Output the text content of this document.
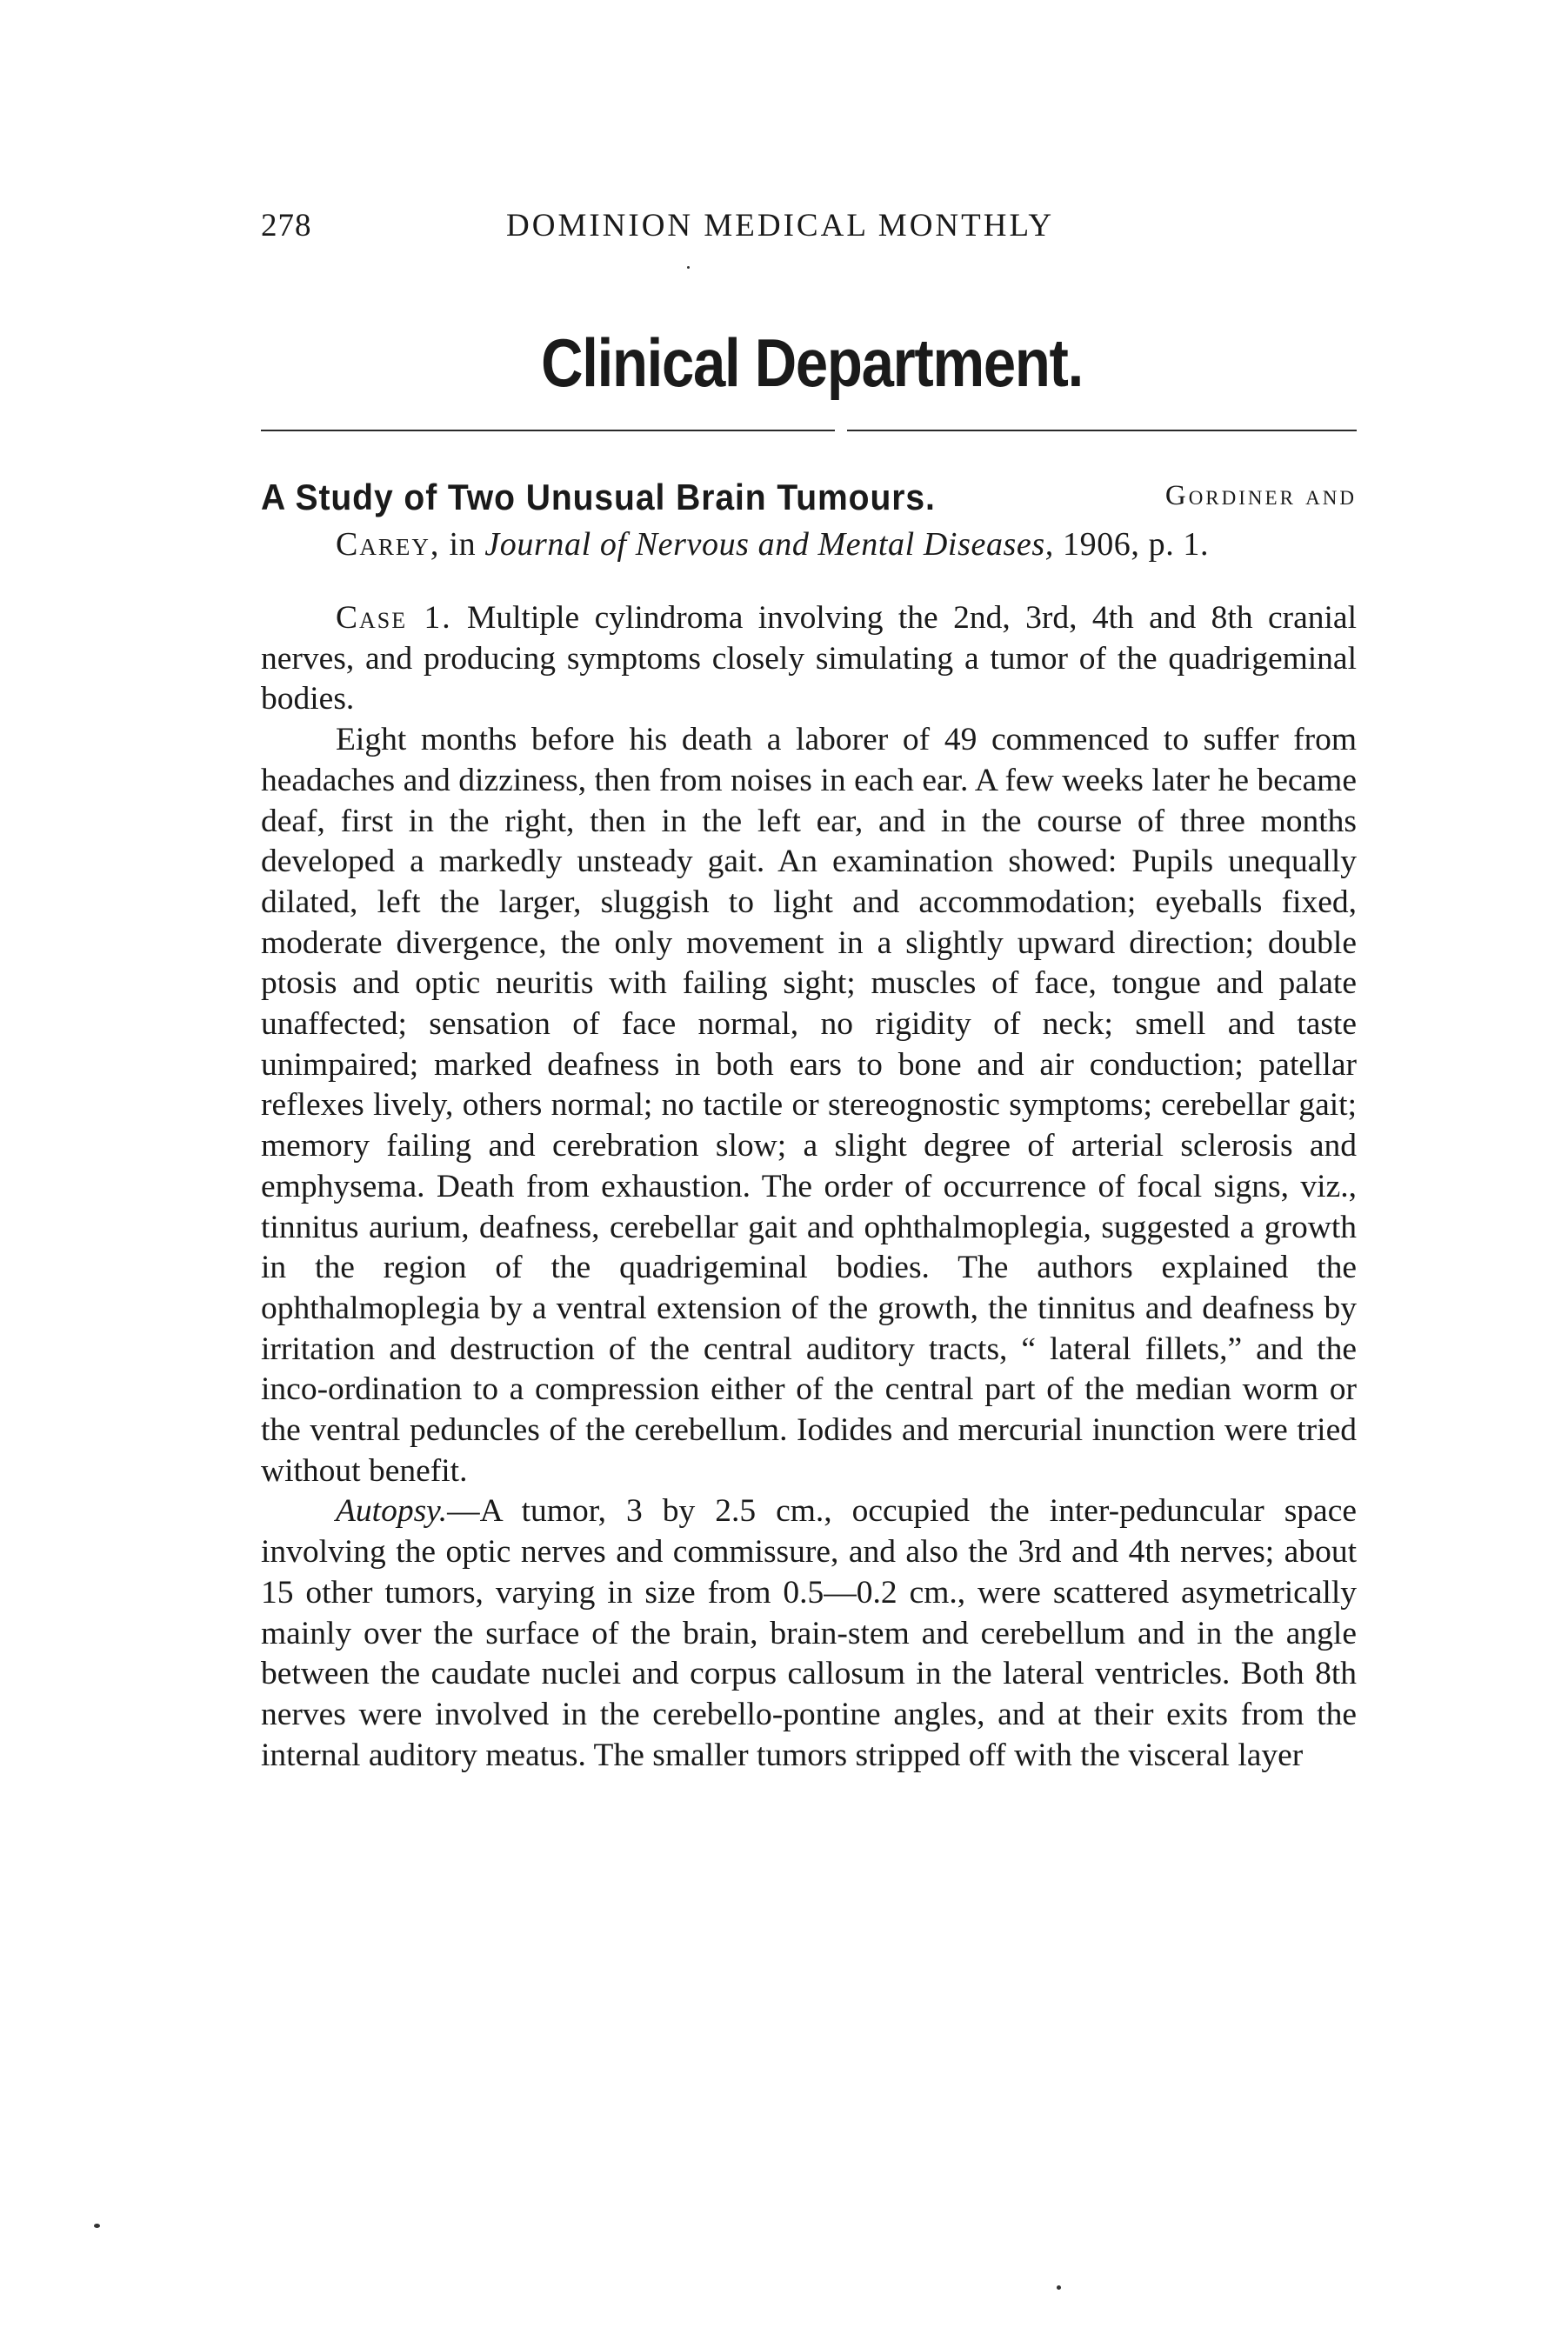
278	DOMINION MEDICAL MONTHLY
Clinical Department.
A Study of Two Unusual Brain Tumours.	Gordiner and
Carey, in Journal of Nervous and Mental Diseases, 1906, p. 1.

Case 1. Multiple cylindroma involving the 2nd, 3rd, 4th and 8th cranial nerves, and producing symptoms closely simulating a tumor of the quadrigeminal bodies.

Eight months before his death a laborer of 49 commenced to suffer from headaches and dizziness, then from noises in each ear. A few weeks later he became deaf, first in the right, then in the left ear, and in the course of three months developed a markedly unsteady gait. An examination showed: Pupils unequally dilated, left the larger, sluggish to light and accommodation; eyeballs fixed, moderate divergence, the only movement in a slightly upward direction; double ptosis and optic neuritis with failing sight; muscles of face, tongue and palate unaffected; sensation of face normal, no rigidity of neck; smell and taste unimpaired; marked deafness in both ears to bone and air conduction; patellar reflexes lively, others normal; no tactile or stereognostic symptoms; cerebellar gait; memory failing and cerebration slow; a slight degree of arterial sclerosis and emphysema. Death from exhaustion. The order of occurrence of focal signs, viz., tinnitus aurium, deafness, cerebellar gait and ophthalmoplegia, suggested a growth in the region of the quadrigeminal bodies. The authors explained the ophthalmoplegia by a ventral extension of the growth, the tinnitus and deafness by irritation and destruction of the central auditory tracts, “ lateral fillets,” and the inco-ordination to a compression either of the central part of the median worm or the ventral peduncles of the cerebellum. Iodides and mercurial inunction were tried without benefit.

Autopsy.—A tumor, 3 by 2.5 cm., occupied the inter-peduncular space involving the optic nerves and commissure, and also the 3rd and 4th nerves; about 15 other tumors, varying in size from 0.5—0.2 cm., were scattered asymetrically mainly over the surface of the brain, brain-stem and cerebellum and in the angle between the caudate nuclei and corpus callosum in the lateral ventricles. Both 8th nerves were involved in the cerebello-pontine angles, and at their exits from the internal auditory meatus. The smaller tumors stripped off with the visceral layer
